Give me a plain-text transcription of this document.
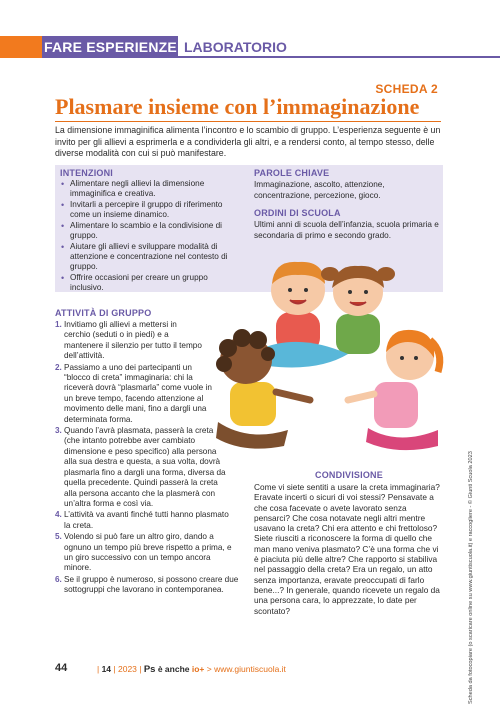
FARE ESPERIENZE LABORATORIO
SCHEDA 2
Plasmare insieme con l’immaginazione

La dimensione immaginifica alimenta l’incontro e lo scambio di gruppo. L’esperienza seguente è un invito per gli allievi a esprimerla e a condividerla gli altri, e a rendersi conto, al tempo stesso, delle diverse modalità con cui si può manifestare.

INTENZIONI
• Alimentare negli allievi la dimensione immaginifica e creativa.
• Invitarli a percepire il gruppo di riferimento come un insieme dinamico.
• Alimentare lo scambio e la condivisione di gruppo.
• Aiutare gli allievi e sviluppare modalità di attenzione e concentrazione nel contesto di gruppo.
• Offrire occasioni per creare un gruppo inclusivo.
PAROLE CHIAVE

Immaginazione, ascolto, attenzione, concentrazione, percezione, gioco.

ORDINI DI SCUOLA

Ultimi anni di scuola dell’infanzia, scuola primaria e secondaria di primo e secondo grado.

ATTIVITÀ DI GRUPPO
1. Invitiamo gli allievi a mettersi in cerchio (seduti o in piedi) e a mantenere il silenzio per tutto il tempo dell’attività.
2. Passiamo a uno dei partecipanti un “blocco di creta” immaginaria: chi la riceverà dovrà “plasmarla” come vuole in un breve tempo, facendo attenzione al movimento delle mani, fino a dargli una determinata forma.
3. Quando l’avrà plasmata, passerà la creta (che intanto potrebbe aver cambiato dimensione e peso specifico) alla persona alla sua destra e questa, a sua volta, dovrà plasmarla fino a dargli una forma, diversa da quella precedente. Quindi passerà la creta alla persona accanto che la plasmerà con un’altra forma e così via.
4. L’attività va avanti finché tutti hanno plasmato la creta.
5. Volendo si può fare un altro giro, dando a ognuno un tempo più breve rispetto a prima, e un giro successivo con un tempo ancora minore.
6. Se il gruppo è numeroso, si possono creare due sottogruppi che lavorano in contemporanea.
CONDIVISIONE

Come vi siete sentiti a usare la creta immaginaria? Eravate incerti o sicuri di voi stessi? Pensavate a che cosa facevate o avete lavorato senza pensarci? Che cosa notavate negli altri mentre usavano la creta? Chi era attento e chi frettoloso? Siete riusciti a riconoscere la forma di quello che man mano veniva plasmato? C’è una forma che vi è piaciuta più delle altre? Che rapporto si stabiliva nel passaggio della creta? Era un regalo, un atto senza importanza, eravate preoccupati di farlo bene...? In generale, quando ricevete un regalo da una persona cara, lo apprezzate, lo date per scontato?	Scheda da fotocopiare (o scaricare online su www.giuntiscuola.it) e raccogliere - © Giunti Scuola 2023
44	| 14 | 2023 | Ps è anche io+ > www.giuntiscuola.it
